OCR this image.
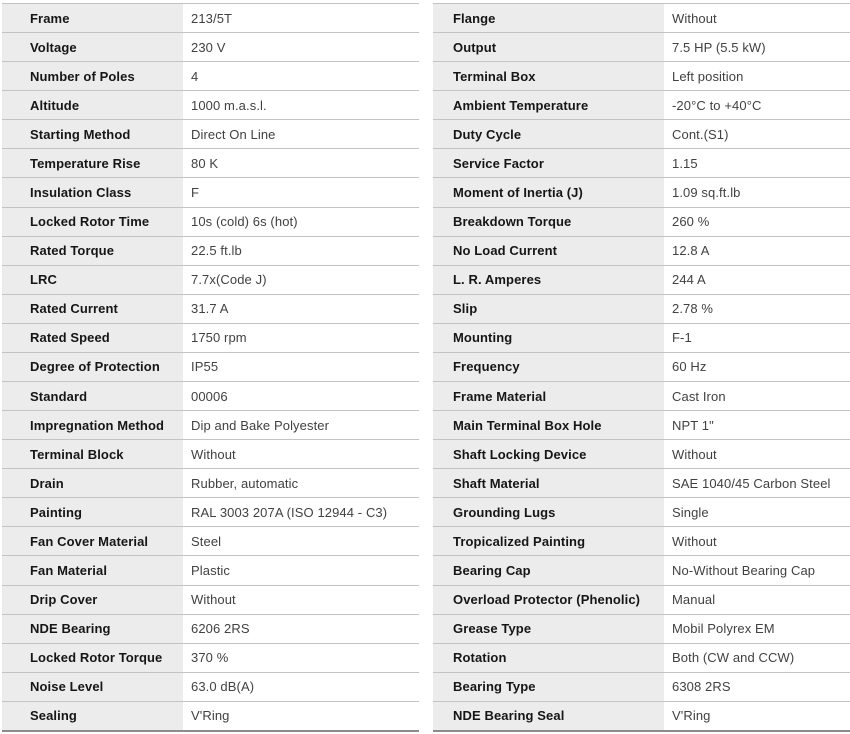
Frame	213/5T
Voltage	230 V
Number of Poles	4
Altitude	1000 m.a.s.l.
Starting Method	Direct On Line
Temperature Rise	80 K
Insulation Class	F
Locked Rotor Time	10s (cold) 6s (hot)
Rated Torque	22.5 ft.lb
LRC	7.7x(Code J)
Rated Current	31.7 A
Rated Speed	1750 rpm
Degree of Protection	IP55
Standard	00006
Impregnation Method	Dip and Bake Polyester
Terminal Block	Without
Drain	Rubber, automatic
Painting	RAL 3003 207A (ISO 12944 - C3)
Fan Cover Material	Steel
Fan Material	Plastic
Drip Cover	Without
NDE Bearing	6206 2RS
Locked Rotor Torque	370 %
Noise Level	63.0 dB(A)
Sealing	V'Ring
Flange	Without
Output	7.5 HP (5.5 kW)
Terminal Box	Left position
Ambient Temperature	-20°C to +40°C
Duty Cycle	Cont.(S1)
Service Factor	1.15
Moment of Inertia (J)	1.09 sq.ft.lb
Breakdown Torque	260 %
No Load Current	12.8 A
L. R. Amperes	244 A
Slip	2.78 %
Mounting	F-1
Frequency	60 Hz
Frame Material	Cast Iron
Main Terminal Box Hole	NPT 1"
Shaft Locking Device	Without
Shaft Material	SAE 1040/45 Carbon Steel
Grounding Lugs	Single
Tropicalized Painting	Without
Bearing Cap	No-Without Bearing Cap
Overload Protector (Phenolic)	Manual
Grease Type	Mobil Polyrex EM
Rotation	Both (CW and CCW)
Bearing Type	6308 2RS
NDE Bearing Seal	V'Ring
